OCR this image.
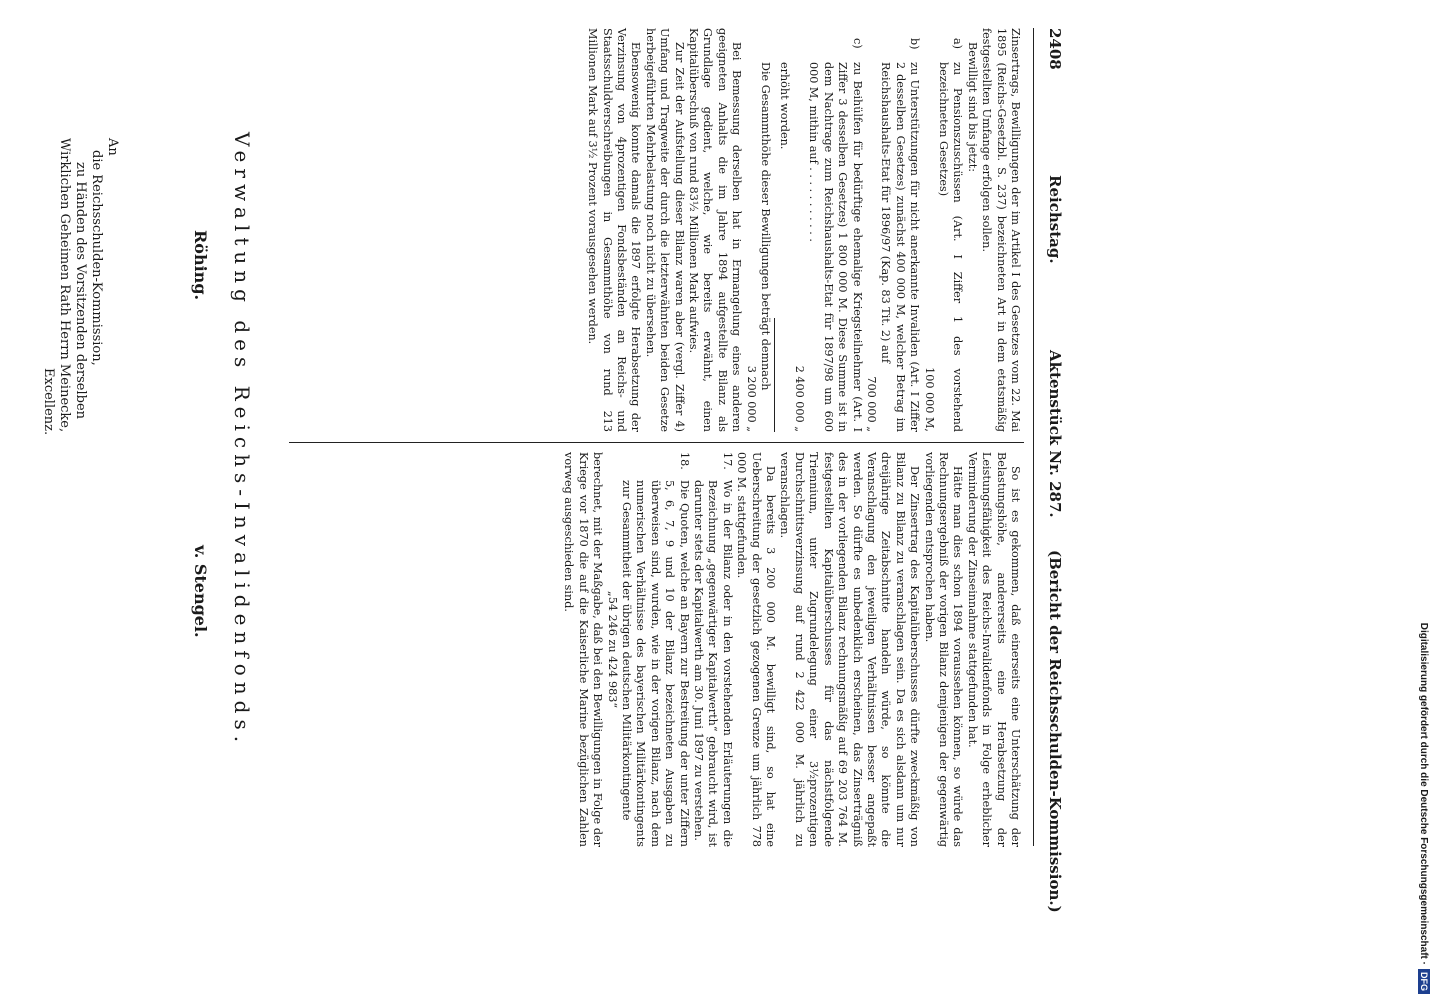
2408
Reichstag.
Aktenstück Nr. 287.
(Bericht der Reichsschulden-Kommission.)

Zinsertrags, Bewilligungen der im Artikel I des Gesetzes vom 22. Mai 1895 (Reichs-Gesetzbl. S. 237) bezeichneten Art in dem etatsmäßig festgestellten Umfange erfolgen sollen.

Bewilligt sind bis jetzt:

a)
zu Pensionszuschüssen (Art. I Ziffer 1 des vorstehend bezeichneten Gesetzes)
100 000 M,
b)
zu Unterstützungen für nicht anerkannte Invaliden (Art. I Ziffer 2 desselben Gesetzes) zunächst 400 000 M, welcher Betrag im Reichshaushalts-Etat für 1896/97 (Kap. 83 Tit. 2) auf
700 000 „
c)
zu Beihülfen für bedürftige ehemalige Kriegsteilnehmer (Art. I Ziffer 3 desselben Gesetzes) 1 800 000 M. Diese Summe ist in dem Nachtrage zum Reichshaushalts-Etat für 1897/98 um 600 000 M, mithin auf . . . . . . . . . . .
2 400 000 „
erhöht worden.
Die Gesammthöhe dieser Bewilligungen beträgt demnach
3 200 000 „

Bei Bemessung derselben hat in Ermangelung eines anderen geeigneten Anhalts die im Jahre 1894 aufgestellte Bilanz als Grundlage gedient, welche, wie bereits erwähnt, einen Kapitalüberschuß von rund 83½ Millionen Mark aufwies.

Zur Zeit der Aufstellung dieser Bilanz waren aber (vergl. Ziffer 4) Umfang und Tragweite der durch die letzterwähnten beiden Gesetze herbeigeführten Mehrbelastung noch nicht zu übersehen.

Ebensowenig konnte damals die 1897 erfolgte Herabsetzung der Verzinsung von 4prozentigen Fondsbeständen an Reichs- und Staatsschuldverschreibungen in Gesammthöhe von rund 213 Millionen Mark auf 3½ Prozent vorausgesehen werden.

So ist es gekommen, daß einerseits eine Unterschätzung der Belastungshöhe, andererseits eine Herabsetzung der Leistungsfähigkeit des Reichs-Invalidenfonds in Folge erheblicher Verminderung der Zinseinnahme stattgefunden hat.

Hätte man dies schon 1894 voraussehen können, so würde das Rechnungsergebniß der vorigen Bilanz demjenigen der gegenwärtig vorliegenden entsprochen haben.

Der Zinsertrag des Kapitalüberschusses dürfte zweckmäßig von Bilanz zu Bilanz zu veranschlagen sein. Da es sich alsdann um nur dreijährige Zeitabschnitte handeln würde, so könnte die Veranschlagung den jeweiligen Verhältnissen besser angepaßt werden. So dürfte es unbedenklich erscheinen, das Zinserträgniß des in der vorliegenden Bilanz rechnungsmäßig auf 69 203 764 M. festgestellten Kapitalüberschusses für das nächstfolgende Triennium, unter Zugrundelegung einer 3½prozentigen Durchschnittsverzinsung auf rund 2 422 000 M. jährlich zu veranschlagen.

Da bereits 3 200 000 M. bewilligt sind, so hat eine Ueberschreitung der gesetzlich gezogenen Grenze um jährlich 778 000 M. stattgefunden.

17.
Wo in der Bilanz oder in den vorstehenden Erläuterungen die Bezeichnung „gegenwärtiger Kapitalwerth“ gebraucht wird, ist darunter stets der Kapitalwerth am 30. Juni 1897 zu verstehen.
18.
Die Quoten, welche an Bayern zur Bestreitung der unter Ziffern 5, 6, 7, 9 und 10 der Bilanz bezeichneten Ausgaben zu überweisen sind, wurden, wie in der vorigen Bilanz, nach dem numerischen Verhältnisse des bayerischen Militärkontingents zur Gesammtheit der übrigen deutschen Militärkontingente

„54 246 zu 424 983“

berechnet, mit der Maßgabe, daß bei den Bewilligungen in Folge der Kriege vor 1870 die auf die Kaiserliche Marine bezüglichen Zahlen vorweg ausgeschieden sind.

Verwaltung des Reichs-Invalidenfonds.
Röhing.
v. Stengel.
An
die Reichsschulden-Kommission,
zu Händen des Vorsitzenden derselben
Wirklichen Geheimen Rath Herrn Meinecke,
Excellenz.
Digitalisierung gefördert durch die Deutsche Forschungsgemeinschaft ·DFG
